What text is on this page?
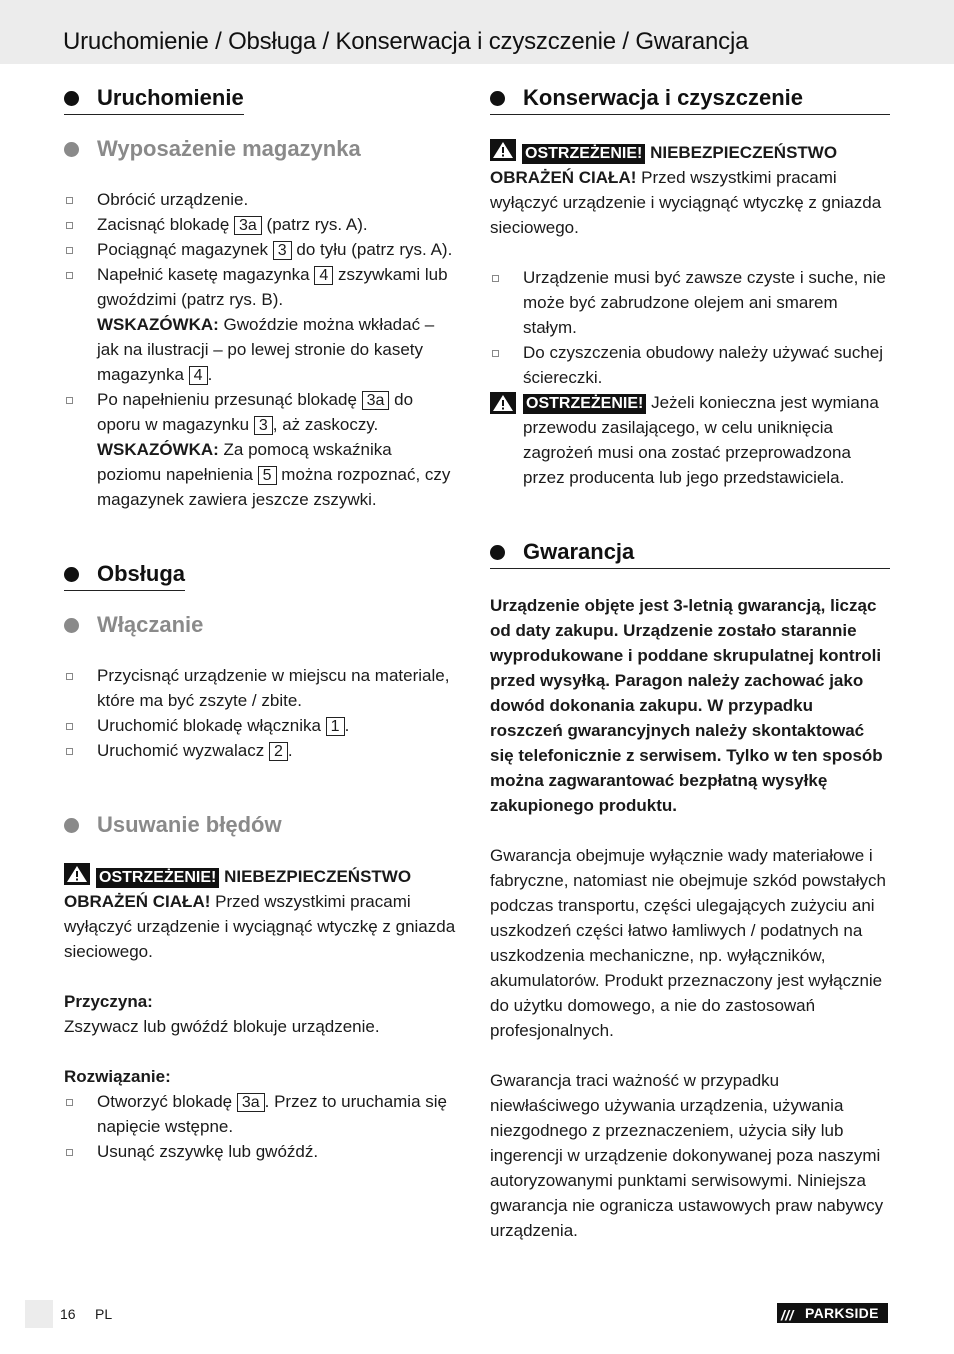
Uruchomienie / Obsługa / Konserwacja i czyszczenie / Gwarancja
Uruchomienie
Wyposażenie magazynka
Obrócić urządzenie.
Zacisnąć blokadę 3a (patrz rys. A).
Pociągnąć magazynek 3 do tyłu (patrz rys. A).
Napełnić kasetę magazynka 4 zszywkami lub gwoździmi (patrz rys. B).
WSKAZÓWKA: Gwoździe można wkładać – jak na ilustracji – po lewej stronie do kasety magazynka 4 .
Po napełnieniu przesunąć blokadę 3a do oporu w magazynku 3 , aż zaskoczy.
WSKAZÓWKA: Za pomocą wskaźnika poziomu napełnienia 5 można rozpoznać, czy magazynek zawiera jeszcze zszywki.
Obsługa
Włączanie
Przycisnąć urządzenie w miejscu na materiale, które ma być zszyte / zbite.
Uruchomić blokadę włącznika 1 .
Uruchomić wyzwalacz 2 .
Usuwanie błędów
OSTRZEŻENIE! NIEBEZPIECZEŃSTWO OBRAŻEŃ CIAŁA! Przed wszystkimi pracami wyłączyć urządzenie i wyciągnąć wtyczkę z gniazda sieciowego.
Przyczyna:
Zszywacz lub gwóźdź blokuje urządzenie.
Rozwiązanie:
Otworzyć blokadę 3a . Przez to uruchamia się napięcie wstępne.
Usunąć zszywkę lub gwóźdź.
Konserwacja i czyszczenie
OSTRZEŻENIE! NIEBEZPIECZEŃSTWO OBRAŻEŃ CIAŁA! Przed wszystkimi pracami wyłączyć urządzenie i wyciągnąć wtyczkę z gniazda sieciowego.
Urządzenie musi być zawsze czyste i suche, nie może być zabrudzone olejem ani smarem stałym.
Do czyszczenia obudowy należy używać suchej ściereczki.
OSTRZEŻENIE! Jeżeli konieczna jest wymiana przewodu zasilającego, w celu uniknięcia zagrożeń musi ona zostać przeprowadzona przez producenta lub jego przedstawiciela.
Gwarancja
Urządzenie objęte jest 3-letnią gwarancją, licząc od daty zakupu. Urządzenie zostało starannie wyprodukowane i poddane skrupulatnej kontroli przed wysyłką. Paragon należy zachować jako dowód dokonania zakupu. W przypadku roszczeń gwarancyjnych należy skontaktować się telefonicznie z serwisem. Tylko w ten sposób można zagwarantować bezpłatną wysyłkę zakupionego produktu.
Gwarancja obejmuje wyłącznie wady materiałowe i fabryczne, natomiast nie obejmuje szkód powstałych podczas transportu, części ulegających zużyciu ani uszkodzeń części łatwo łamliwych / podatnych na uszkodzenia mechaniczne, np. wyłączników, akumulatorów. Produkt przeznaczony jest wyłącznie do użytku domowego, a nie do zastosowań profesjonalnych.
Gwarancja traci ważność w przypadku niewłaściwego używania urządzenia, używania niezgodnego z przeznaczeniem, użycia siły lub ingerencji w urządzenie dokonywanej poza naszymi autoryzowanymi punktami serwisowymi. Niniejsza gwarancja nie ogranicza ustawowych praw nabywcy urządzenia.
16 PL	/// PARKSIDE
